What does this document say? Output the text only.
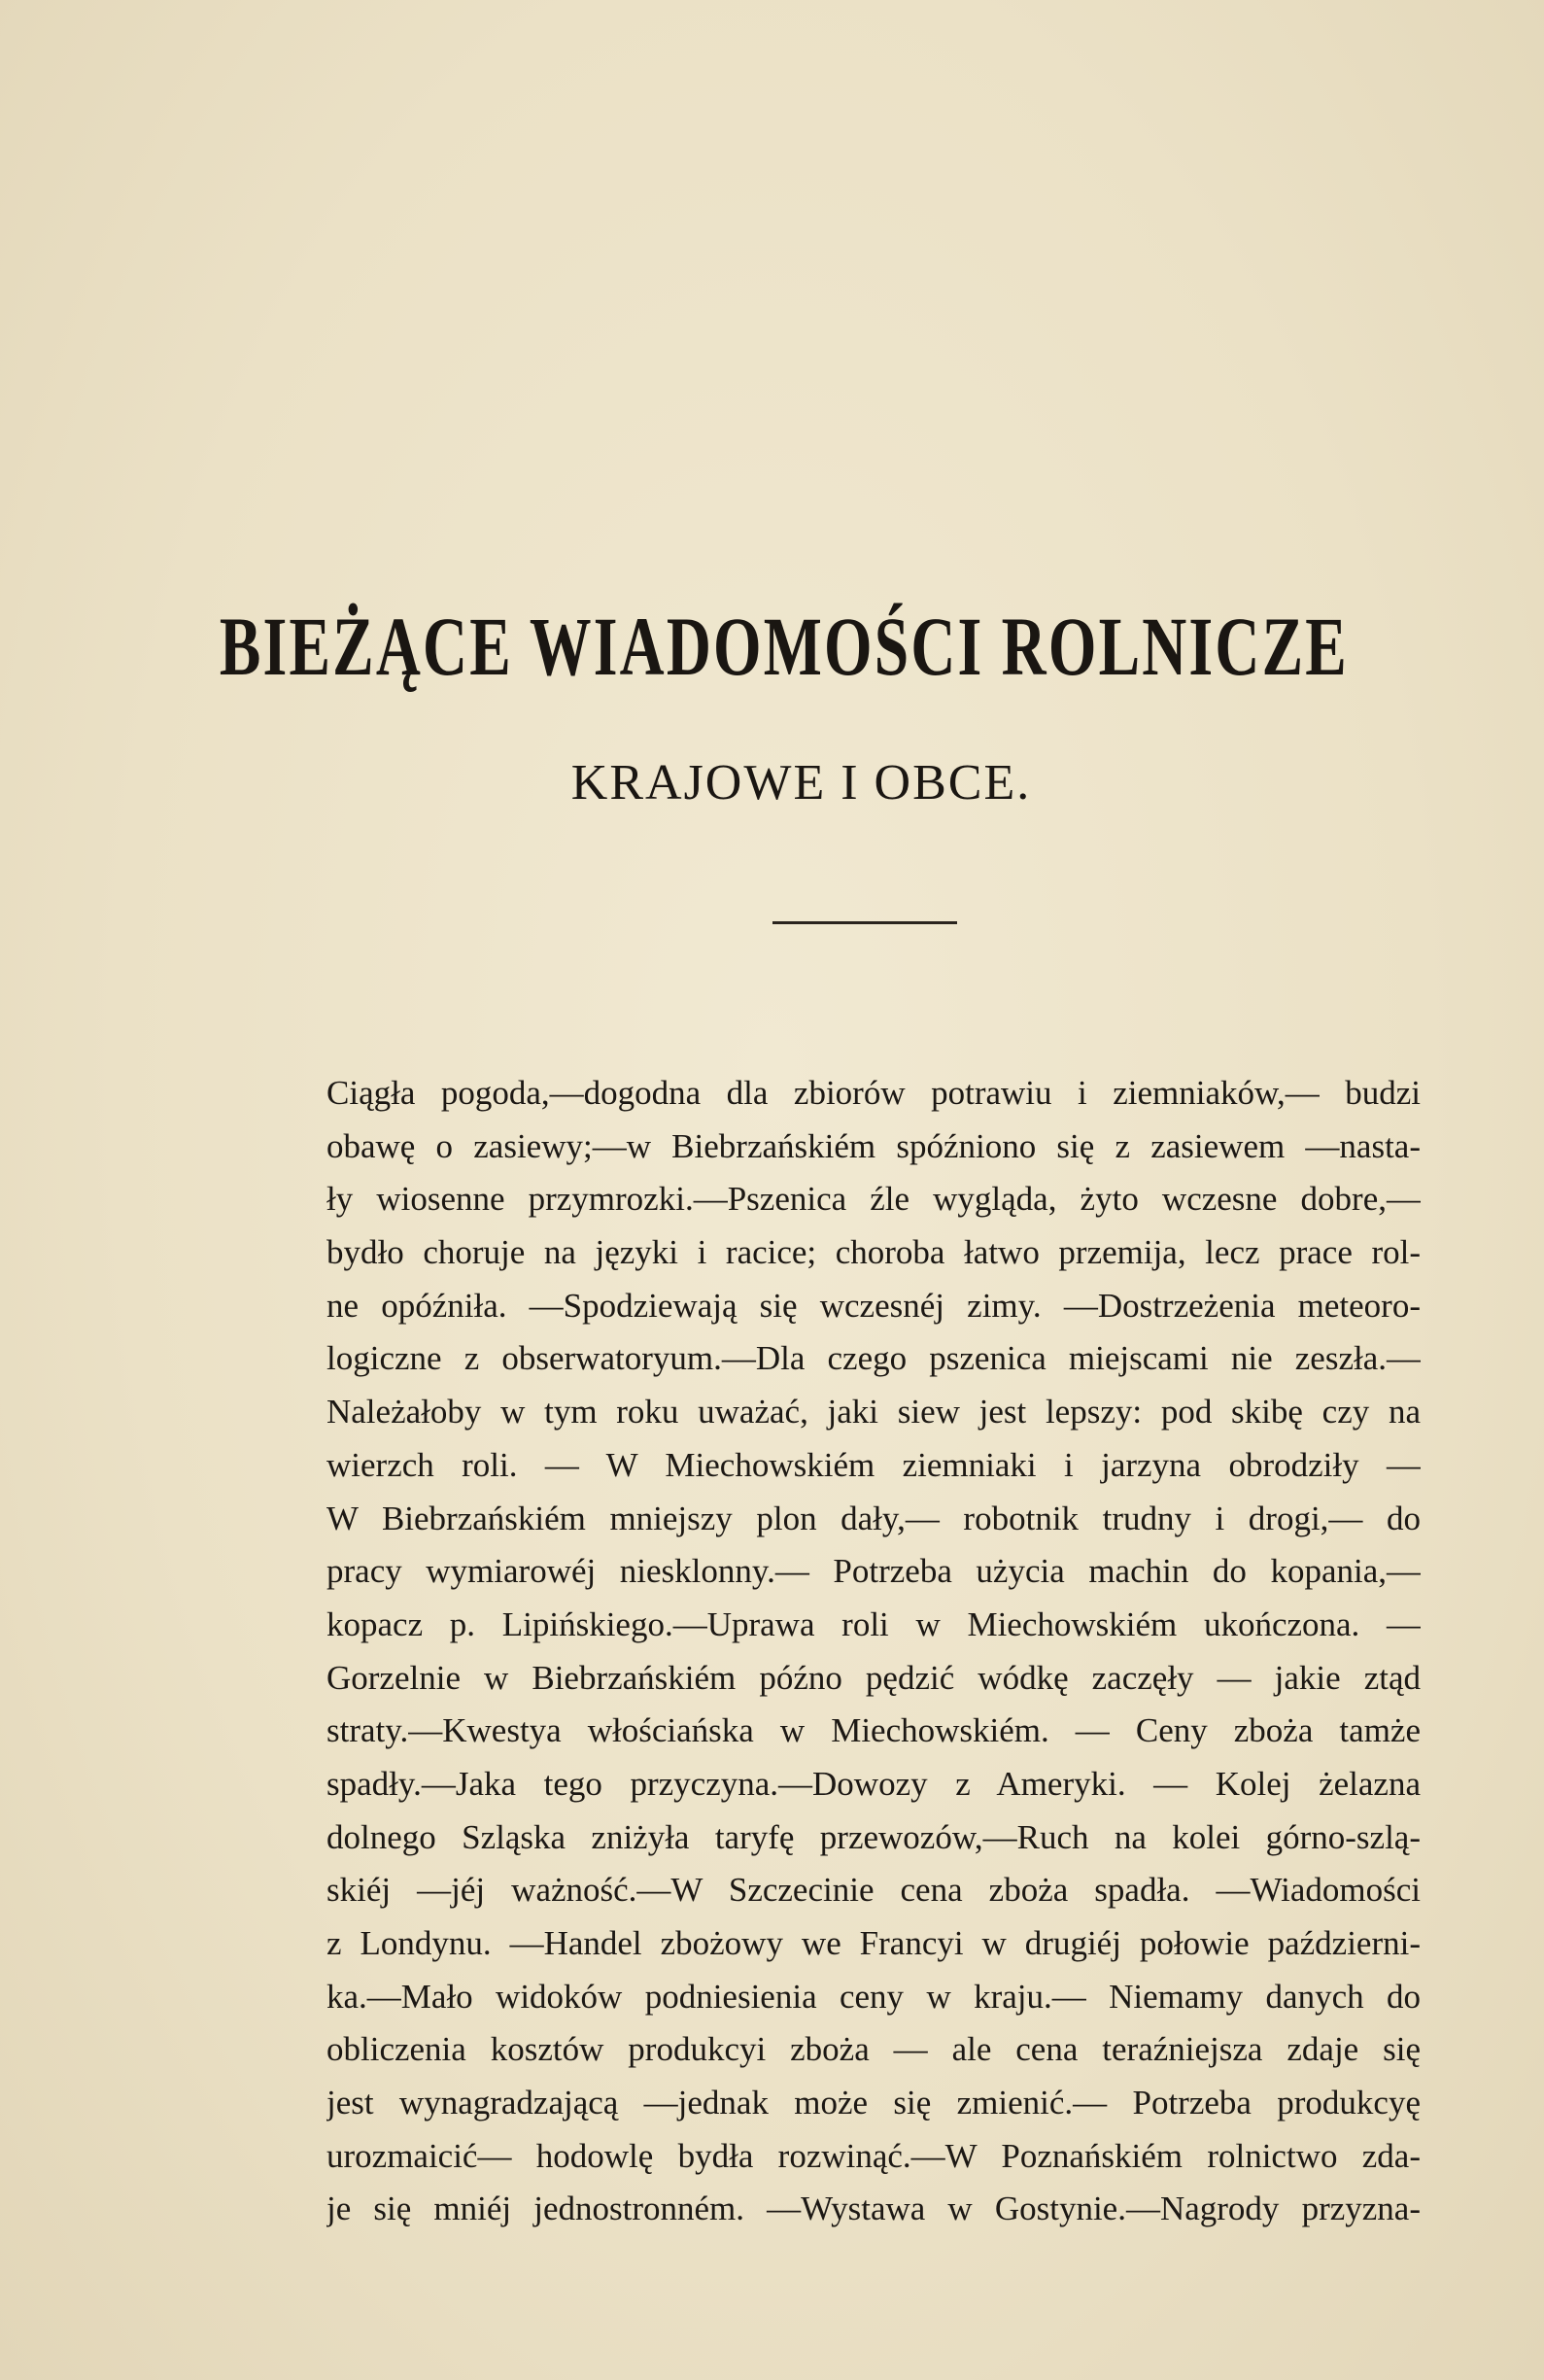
BIEŻĄCE WIADOMOŚCI ROLNICZE
KRAJOWE I OBCE.
Ciągła pogoda,—dogodna dla zbiorów potrawiu i ziemniaków,— budzi
obawę o zasiewy;—w Biebrzańskiém spóźniono się z zasiewem —nasta-
ły wiosenne przymrozki.—Pszenica źle wygląda, żyto wczesne dobre,—
bydło choruje na języki i racice; choroba łatwo przemija, lecz prace rol-
ne opóźniła. —Spodziewają się wczesnéj zimy. —Dostrzeżenia meteoro-
logiczne z obserwatoryum.—Dla czego pszenica miejscami nie zeszła.—
Należałoby w tym roku uważać, jaki siew jest lepszy: pod skibę czy na
wierzch roli. — W Miechowskiém ziemniaki i jarzyna obrodziły —
W Biebrzańskiém mniejszy plon dały,— robotnik trudny i drogi,— do
pracy wymiarowéj niesklonny.— Potrzeba użycia machin do kopania,—
kopacz p. Lipińskiego.—Uprawa roli w Miechowskiém ukończona. —
Gorzelnie w Biebrzańskiém późno pędzić wódkę zaczęły — jakie ztąd
straty.—Kwestya włościańska w Miechowskiém. — Ceny zboża tamże
spadły.—Jaka tego przyczyna.—Dowozy z Ameryki. — Kolej żelazna
dolnego Szląska zniżyła taryfę przewozów,—Ruch na kolei górno-szlą-
skiéj —jéj ważność.—W Szczecinie cena zboża spadła. —Wiadomości
z Londynu. —Handel zbożowy we Francyi w drugiéj połowie październi-
ka.—Mało widoków podniesienia ceny w kraju.— Niemamy danych do
obliczenia kosztów produkcyi zboża — ale cena teraźniejsza zdaje się
jest wynagradzającą —jednak może się zmienić.— Potrzeba produkcyę
urozmaicić— hodowlę bydła rozwinąć.—W Poznańskiém rolnictwo zda-
je się mniéj jednostronném. —Wystawa w Gostynie.—Nagrody przyzna-
